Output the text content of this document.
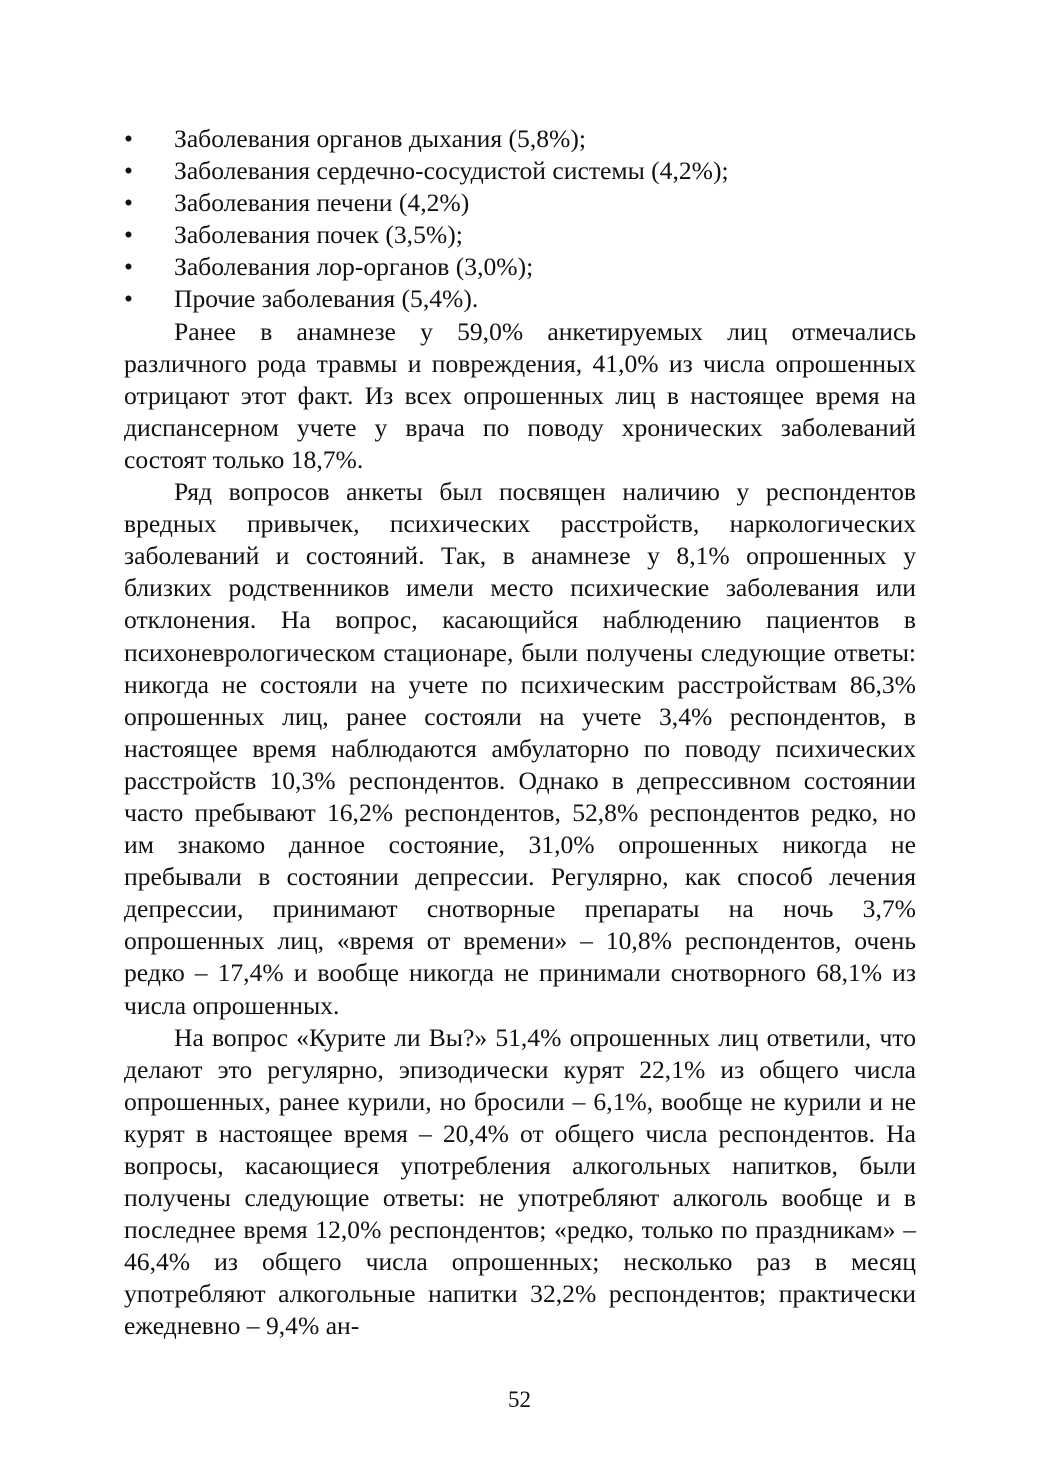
• Заболевания органов дыхания (5,8%);
• Заболевания сердечно-сосудистой системы (4,2%);
• Заболевания печени (4,2%)
• Заболевания почек (3,5%);
• Заболевания лор-органов (3,0%);
• Прочие заболевания (5,4%).

Ранее в анамнезе у 59,0% анкетируемых лиц отмечались различного рода травмы и повреждения, 41,0% из числа опрошенных отрицают этот факт. Из всех опрошенных лиц в настоящее время на диспансерном учете у врача по поводу хронических заболеваний состоят только 18,7%.

Ряд вопросов анкеты был посвящен наличию у респондентов вредных привычек, психических расстройств, наркологических заболеваний и состояний. Так, в анамнезе у 8,1% опрошенных у близких родственников имели место психические заболевания или отклонения. На вопрос, касающийся наблюдению пациентов в психоневрологическом стационаре, были получены следующие ответы: никогда не состояли на учете по психическим расстройствам 86,3% опрошенных лиц, ранее состояли на учете 3,4% респондентов, в настоящее время наблюдаются амбулаторно по поводу психических расстройств 10,3% респондентов. Однако в депрессивном состоянии часто пребывают 16,2% респондентов, 52,8% респондентов редко, но им знакомо данное состояние, 31,0% опрошенных никогда не пребывали в состоянии депрессии. Регулярно, как способ лечения депрессии, принимают снотворные препараты на ночь 3,7% опрошенных лиц, «время от времени» – 10,8% респондентов, очень редко – 17,4% и вообще никогда не принимали снотворного 68,1% из числа опрошенных.

На вопрос «Курите ли Вы?» 51,4% опрошенных лиц ответили, что делают это регулярно, эпизодически курят 22,1% из общего числа опрошенных, ранее курили, но бросили – 6,1%, вообще не курили и не курят в настоящее время – 20,4% от общего числа респондентов. На вопросы, касающиеся употребления алкогольных напитков, были получены следующие ответы: не употребляют алкоголь вообще и в последнее время 12,0% респондентов; «редко, только по праздникам» – 46,4% из общего числа опрошенных; несколько раз в месяц употребляют алкогольные напитки 32,2% респондентов; практически ежедневно – 9,4% ан-

52
